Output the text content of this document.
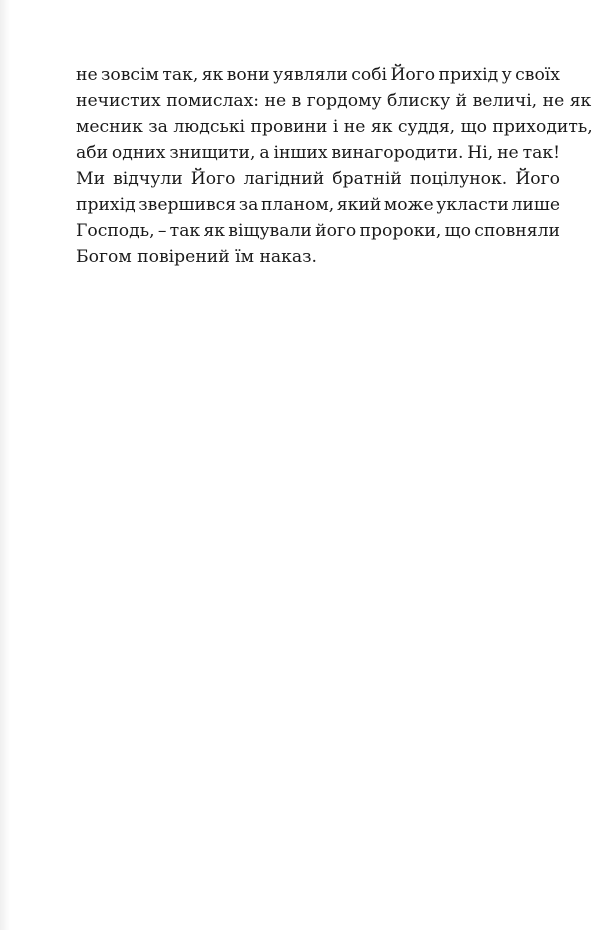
не зовсім так, як вони уявляли собі Його прихід у своїх
нечистих помислах: не в гордому блиску й величі, не як
месник за людські провини і не як суддя, що приходить,
аби одних знищити, а інших винагородити. Ні, не так!
Ми відчули Його лагідний братній поцілунок. Його
прихід звершився за планом, який може укласти лише
Господь, – так як віщували його пророки, що сповняли
Богом повірений їм наказ.
